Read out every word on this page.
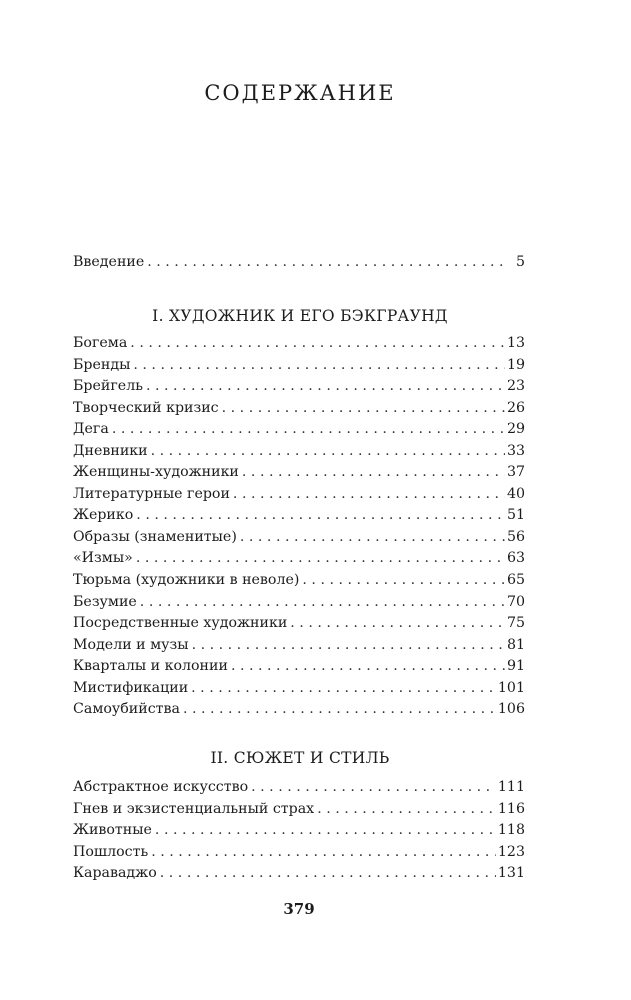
СОДЕРЖАНИЕ
Введение . . .	5
I. ХУДОЖНИК И ЕГО БЭКГРАУНД
Богема . . .	13
Бренды . . .	19
Брейгель . . .	23
Творческий кризис . . .	26
Дега . . .	29
Дневники . . .	33
Женщины-художники . . .	37
Литературные герои . . .	40
Жерико . . .	51
Образы (знаменитые) . . .	56
«Измы» . . .	63
Тюрьма (художники в неволе) . . .	65
Безумие . . .	70
Посредственные художники . . .	75
Модели и музы . . .	81
Кварталы и колонии . . .	91
Мистификации . . .	101
Самоубийства . . .	106
II. СЮЖЕТ И СТИЛЬ
Абстрактное искусство . . .	111
Гнев и экзистенциальный страх . . .	116
Животные . . .	118
Пошлость . . .	123
Караваджо . . .	131
379
